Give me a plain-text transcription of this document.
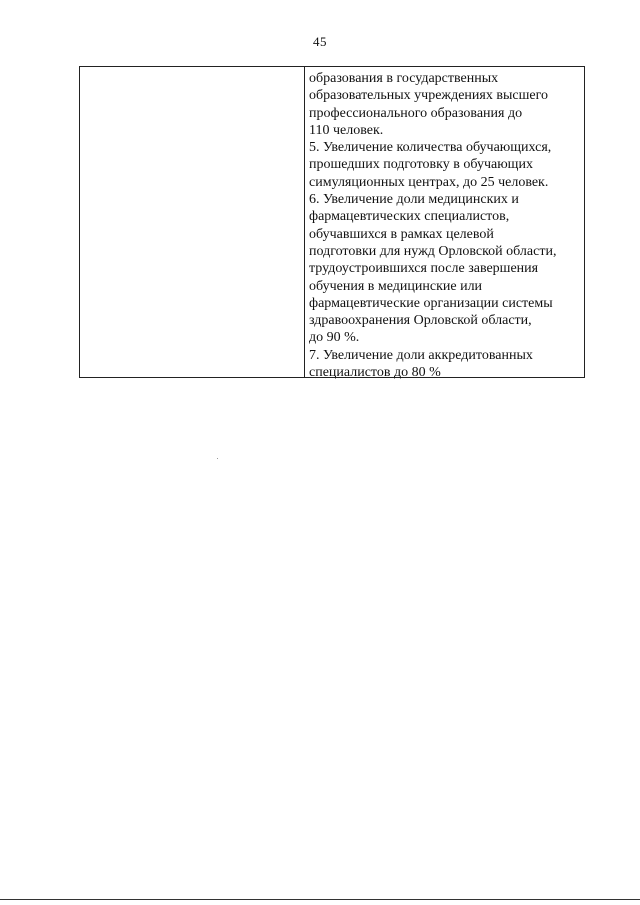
45
образования в государственных
образовательных учреждениях высшего
профессионального образования до
110 человек.
5. Увеличение количества обучающихся,
прошедших подготовку в обучающих
симуляционных центрах, до 25 человек.
6. Увеличение доли медицинских и
фармацевтических специалистов,
обучавшихся в рамках целевой
подготовки для нужд Орловской области,
трудоустроившихся после завершения
обучения в медицинские или
фармацевтические организации системы
здравоохранения Орловской области,
до 90 %.
7. Увеличение доли аккредитованных
специалистов до 80 %
